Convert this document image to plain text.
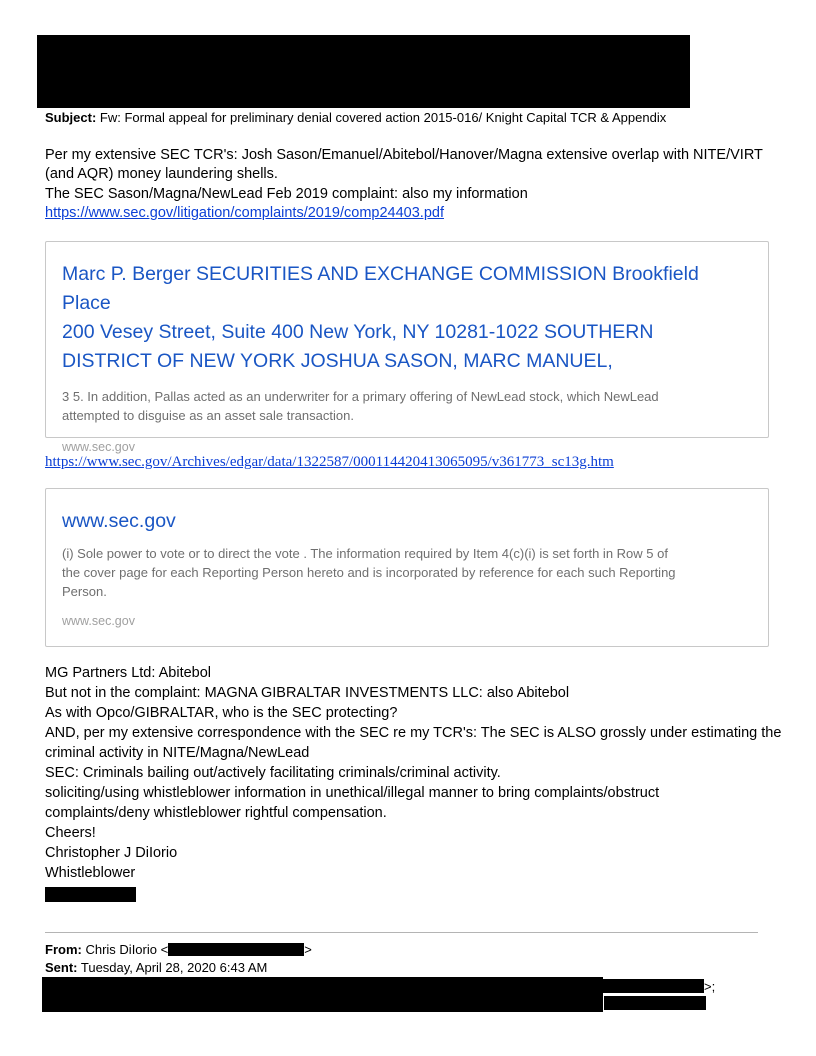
Subject: Fw: Formal appeal for preliminary denial covered action 2015-016/ Knight Capital TCR & Appendix
Per my extensive SEC TCR's: Josh Sason/Emanuel/Abitebol/Hanover/Magna extensive overlap with NITE/VIRT
(and AQR) money laundering shells.
The SEC Sason/Magna/NewLead Feb 2019 complaint: also my information
https://www.sec.gov/litigation/complaints/2019/comp24403.pdf
Marc P. Berger SECURITIES AND EXCHANGE COMMISSION Brookfield Place
200 Vesey Street, Suite 400 New York, NY 10281-1022 SOUTHERN
DISTRICT OF NEW YORK JOSHUA SASON, MARC MANUEL,
3 5. In addition, Pallas acted as an underwriter for a primary offering of NewLead stock, which NewLead
attempted to disguise as an asset sale transaction.
www.sec.gov
https://www.sec.gov/Archives/edgar/data/1322587/000114420413065095/v361773_sc13g.htm
www.sec.gov
(i) Sole power to vote or to direct the vote . The information required by Item 4(c)(i) is set forth in Row 5 of
the cover page for each Reporting Person hereto and is incorporated by reference for each such Reporting
Person.
www.sec.gov
MG Partners Ltd: Abitebol
But not in the complaint: MAGNA GIBRALTAR INVESTMENTS LLC: also Abitebol
As with Opco/GIBRALTAR, who is the SEC protecting?
AND, per my extensive correspondence with the SEC re my TCR's: The SEC is ALSO grossly under estimating the
criminal activity in NITE/Magna/NewLead
SEC: Criminals bailing out/actively facilitating criminals/criminal activity.
soliciting/using whistleblower information in unethical/illegal manner to bring complaints/obstruct
complaints/deny whistleblower rightful compensation.
Cheers!
Christopher J DiIorio
Whistleblower
From: Chris DiIorio <	>
Sent: Tuesday, April 28, 2020 6:43 AM
>;
